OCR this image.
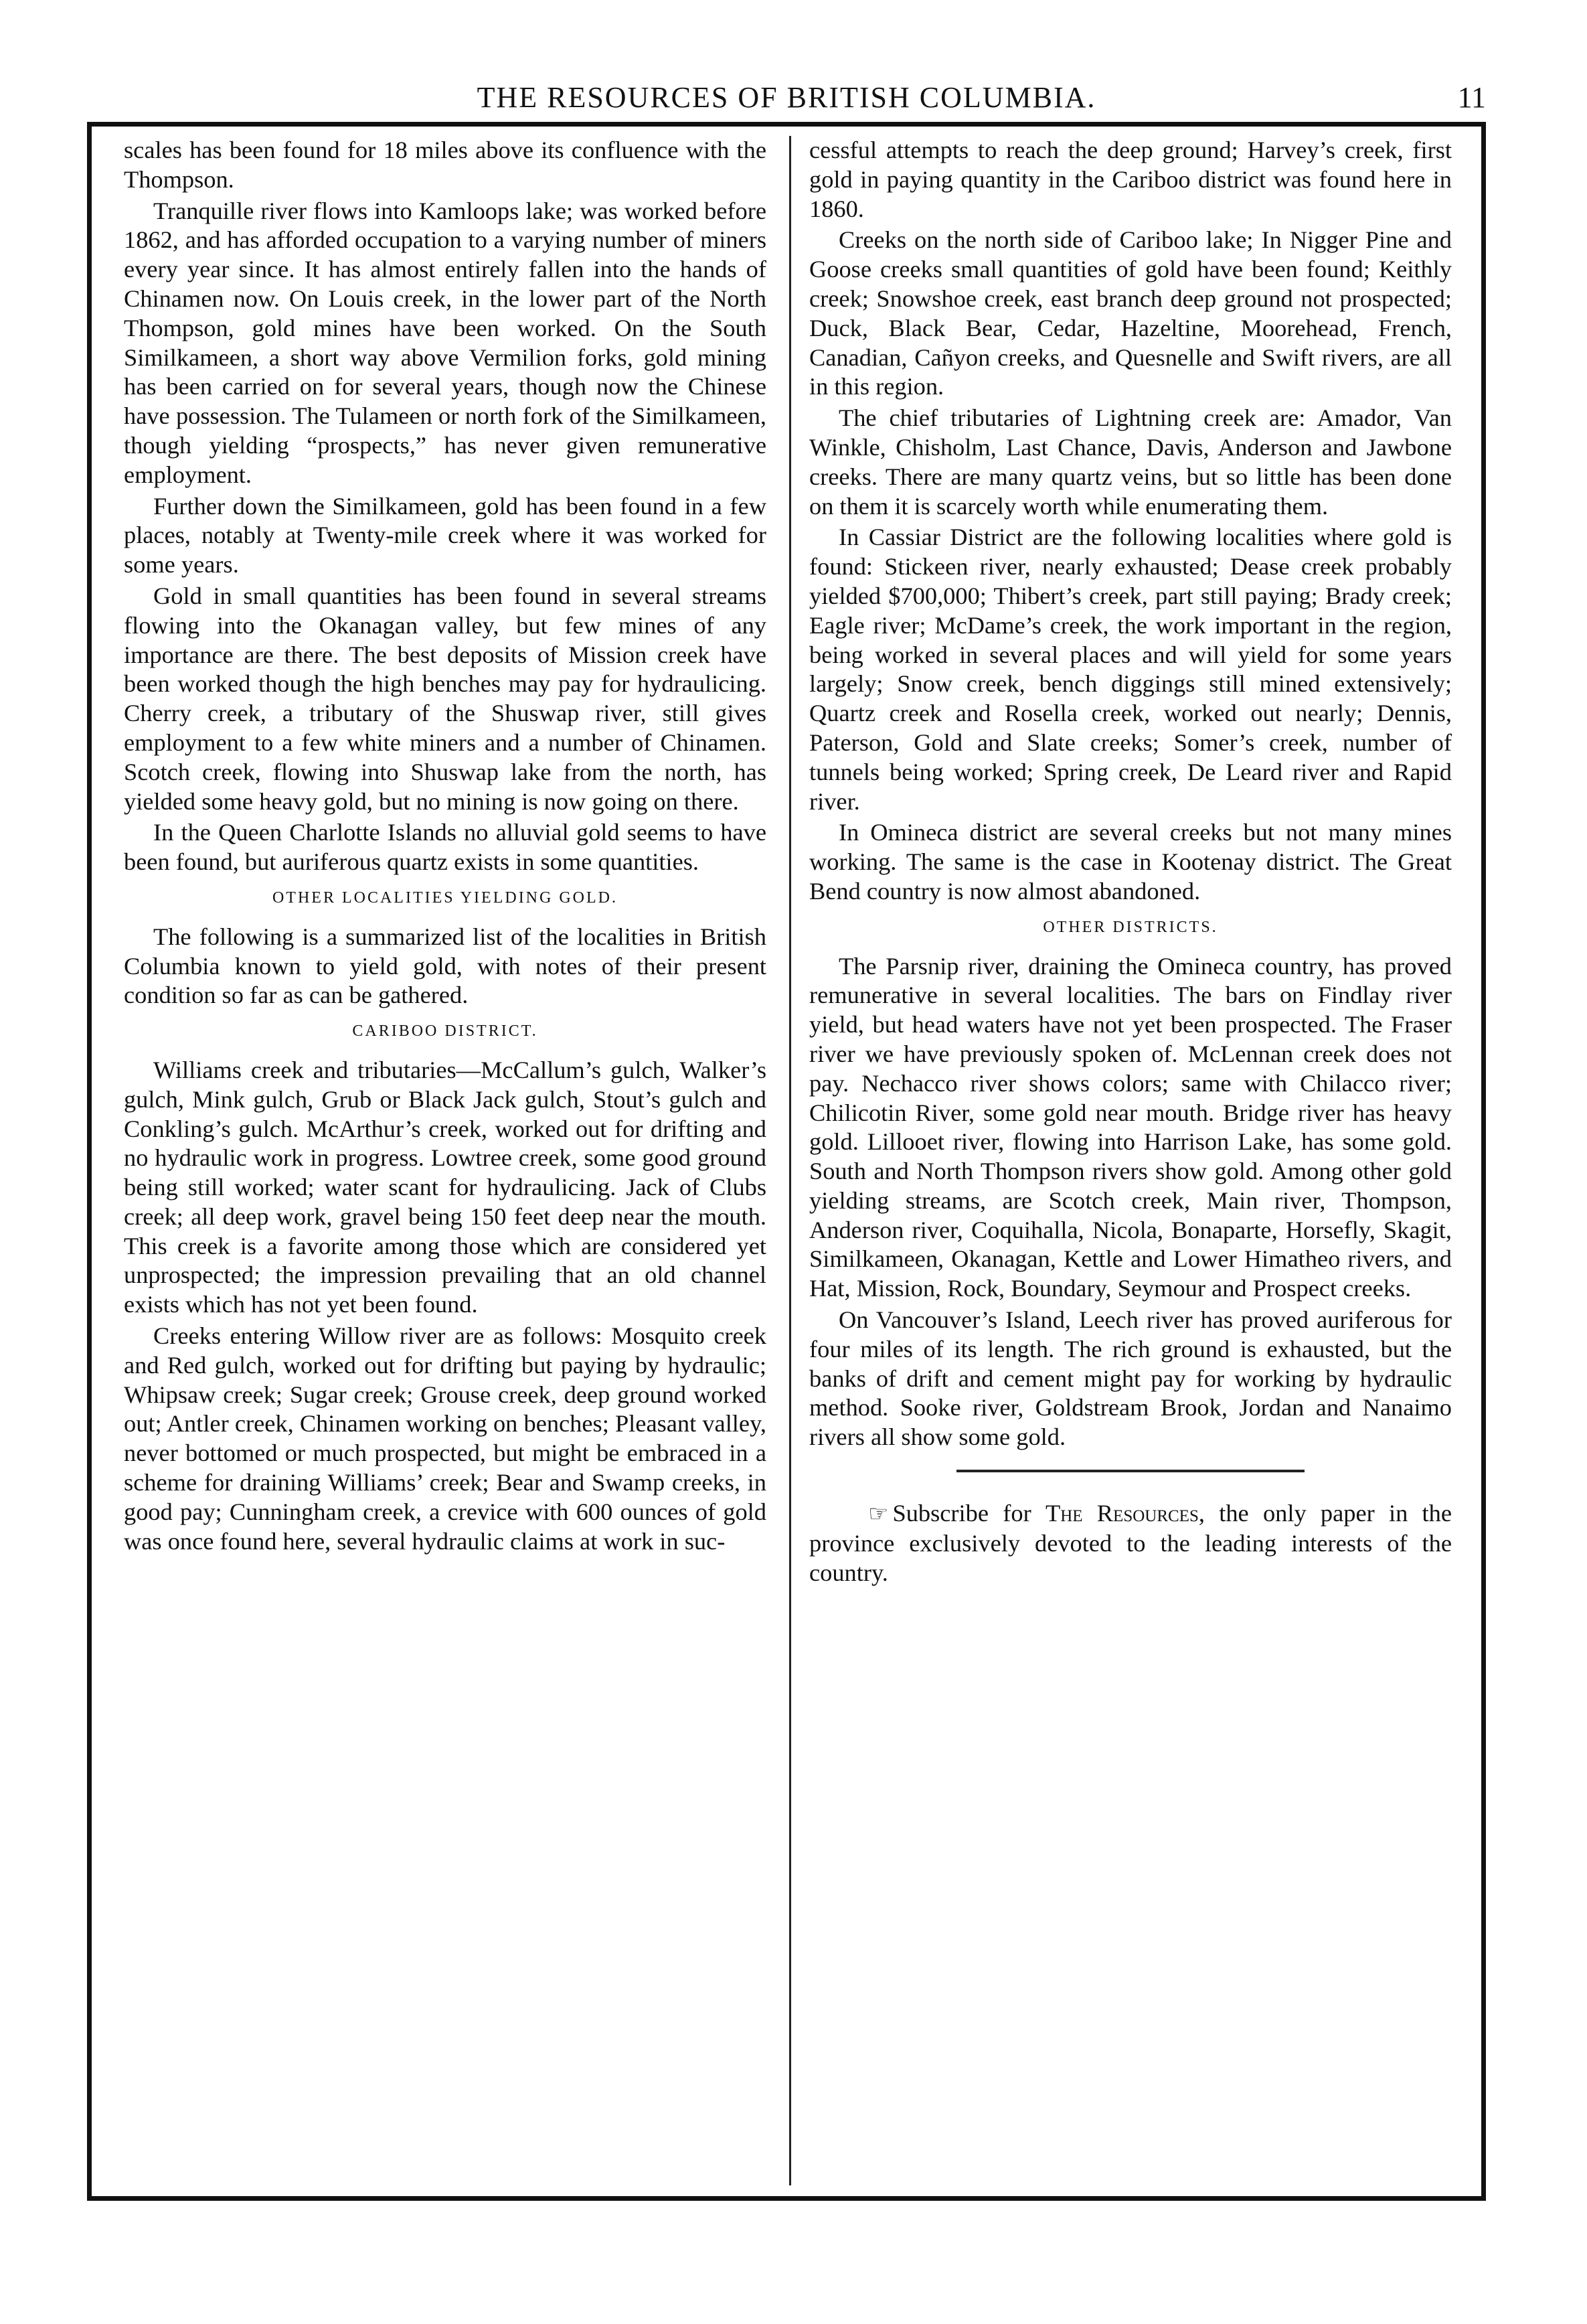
THE RESOURCES OF BRITISH COLUMBIA.	11

scales has been found for 18 miles above its confluence with the Thompson.

Tranquille river flows into Kamloops lake; was worked before 1862, and has afforded occupation to a varying number of miners every year since. It has almost entirely fallen into the hands of Chinamen now. On Louis creek, in the lower part of the North Thompson, gold mines have been worked. On the South Similkameen, a short way above Vermilion forks, gold mining has been carried on for several years, though now the Chinese have possession. The Tulameen or north fork of the Similkameen, though yielding “prospects,” has never given remunerative employment.

Further down the Similkameen, gold has been found in a few places, notably at Twenty-mile creek where it was worked for some years.

Gold in small quantities has been found in several streams flowing into the Okanagan valley, but few mines of any importance are there. The best deposits of Mission creek have been worked though the high benches may pay for hydraulicing. Cherry creek, a tributary of the Shuswap river, still gives employment to a few white miners and a number of Chinamen. Scotch creek, flowing into Shuswap lake from the north, has yielded some heavy gold, but no mining is now going on there.

In the Queen Charlotte Islands no alluvial gold seems to have been found, but auriferous quartz exists in some quantities.

OTHER LOCALITIES YIELDING GOLD.

The following is a summarized list of the localities in British Columbia known to yield gold, with notes of their present condition so far as can be gathered.

CARIBOO DISTRICT.

Williams creek and tributaries—McCallum’s gulch, Walker’s gulch, Mink gulch, Grub or Black Jack gulch, Stout’s gulch and Conkling’s gulch. McArthur’s creek, worked out for drifting and no hydraulic work in progress. Lowtree creek, some good ground being still worked; water scant for hydraulicing. Jack of Clubs creek; all deep work, gravel being 150 feet deep near the mouth. This creek is a favorite among those which are considered yet unprospected; the impression prevailing that an old channel exists which has not yet been found.

Creeks entering Willow river are as follows: Mosquito creek and Red gulch, worked out for drifting but paying by hydraulic; Whipsaw creek; Sugar creek; Grouse creek, deep ground worked out; Antler creek, Chinamen working on benches; Pleasant valley, never bottomed or much prospected, but might be embraced in a scheme for draining Williams’ creek; Bear and Swamp creeks, in good pay; Cunningham creek, a crevice with 600 ounces of gold was once found here, several hydraulic claims at work in suc-

cessful attempts to reach the deep ground; Harvey’s creek, first gold in paying quantity in the Cariboo district was found here in 1860.

Creeks on the north side of Cariboo lake; In Nigger Pine and Goose creeks small quantities of gold have been found; Keithly creek; Snowshoe creek, east branch deep ground not prospected; Duck, Black Bear, Cedar, Hazeltine, Moorehead, French, Canadian, Cañyon creeks, and Quesnelle and Swift rivers, are all in this region.

The chief tributaries of Lightning creek are: Amador, Van Winkle, Chisholm, Last Chance, Davis, Anderson and Jawbone creeks. There are many quartz veins, but so little has been done on them it is scarcely worth while enumerating them.

In Cassiar District are the following localities where gold is found: Stickeen river, nearly exhausted; Dease creek probably yielded $700,000; Thibert’s creek, part still paying; Brady creek; Eagle river; McDame’s creek, the work important in the region, being worked in several places and will yield for some years largely; Snow creek, bench diggings still mined extensively; Quartz creek and Rosella creek, worked out nearly; Dennis, Paterson, Gold and Slate creeks; Somer’s creek, number of tunnels being worked; Spring creek, De Leard river and Rapid river.

In Omineca district are several creeks but not many mines working. The same is the case in Kootenay district. The Great Bend country is now almost abandoned.

OTHER DISTRICTS.

The Parsnip river, draining the Omineca country, has proved remunerative in several localities. The bars on Findlay river yield, but head waters have not yet been prospected. The Fraser river we have previously spoken of. McLennan creek does not pay. Nechacco river shows colors; same with Chilacco river; Chilicotin River, some gold near mouth. Bridge river has heavy gold. Lillooet river, flowing into Harrison Lake, has some gold. South and North Thompson rivers show gold. Among other gold yielding streams, are Scotch creek, Main river, Thompson, Anderson river, Coquihalla, Nicola, Bonaparte, Horsefly, Skagit, Similkameen, Okanagan, Kettle and Lower Himatheo rivers, and Hat, Mission, Rock, Boundary, Seymour and Prospect creeks.

On Vancouver’s Island, Leech river has proved auriferous for four miles of its length. The rich ground is exhausted, but the banks of drift and cement might pay for working by hydraulic method. Sooke river, Goldstream Brook, Jordan and Nanaimo rivers all show some gold.

☞ Subscribe for The Resources, the only paper in the province exclusively devoted to the leading interests of the country.
